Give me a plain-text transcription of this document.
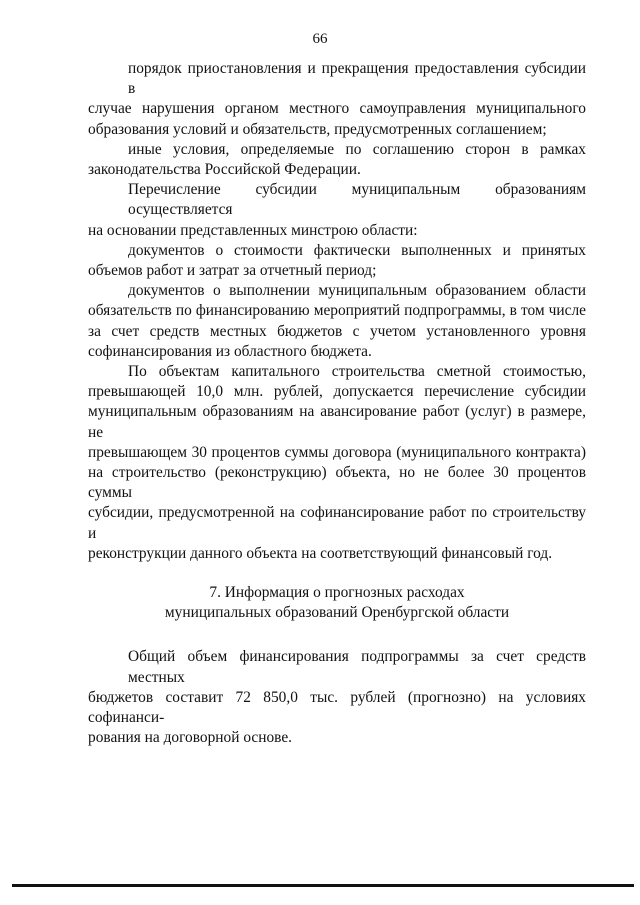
66

порядок приостановления и прекращения предоставления субсидии в
случае нарушения органом местного самоуправления муниципального
образования условий и обязательств, предусмотренных соглашением;

иные условия, определяемые по соглашению сторон в рамках
законодательства Российской Федерации.

Перечисление субсидии муниципальным образованиям осуществляется
на основании представленных минстрою области:

документов о стоимости фактически выполненных и принятых
объемов работ и затрат за отчетный период;

документов о выполнении муниципальным образованием области
обязательств по финансированию мероприятий подпрограммы, в том числе
за счет средств местных бюджетов с учетом установленного уровня
софинансирования из областного бюджета.

По объектам капитального строительства сметной стоимостью,
превышающей 10,0 млн. рублей, допускается перечисление субсидии
муниципальным образованиям на авансирование работ (услуг) в размере, не
превышающем 30 процентов суммы договора (муниципального контракта)
на строительство (реконструкцию) объекта, но не более 30 процентов суммы
субсидии, предусмотренной на софинансирование работ по строительству и
реконструкции данного объекта на соответствующий финансовый год.

7. Информация о прогнозных расходах
муниципальных образований Оренбургской области

Общий объем финансирования подпрограммы за счет средств местных
бюджетов составит 72 850,0 тыс. рублей (прогнозно) на условиях софинанси-
рования на договорной основе.
